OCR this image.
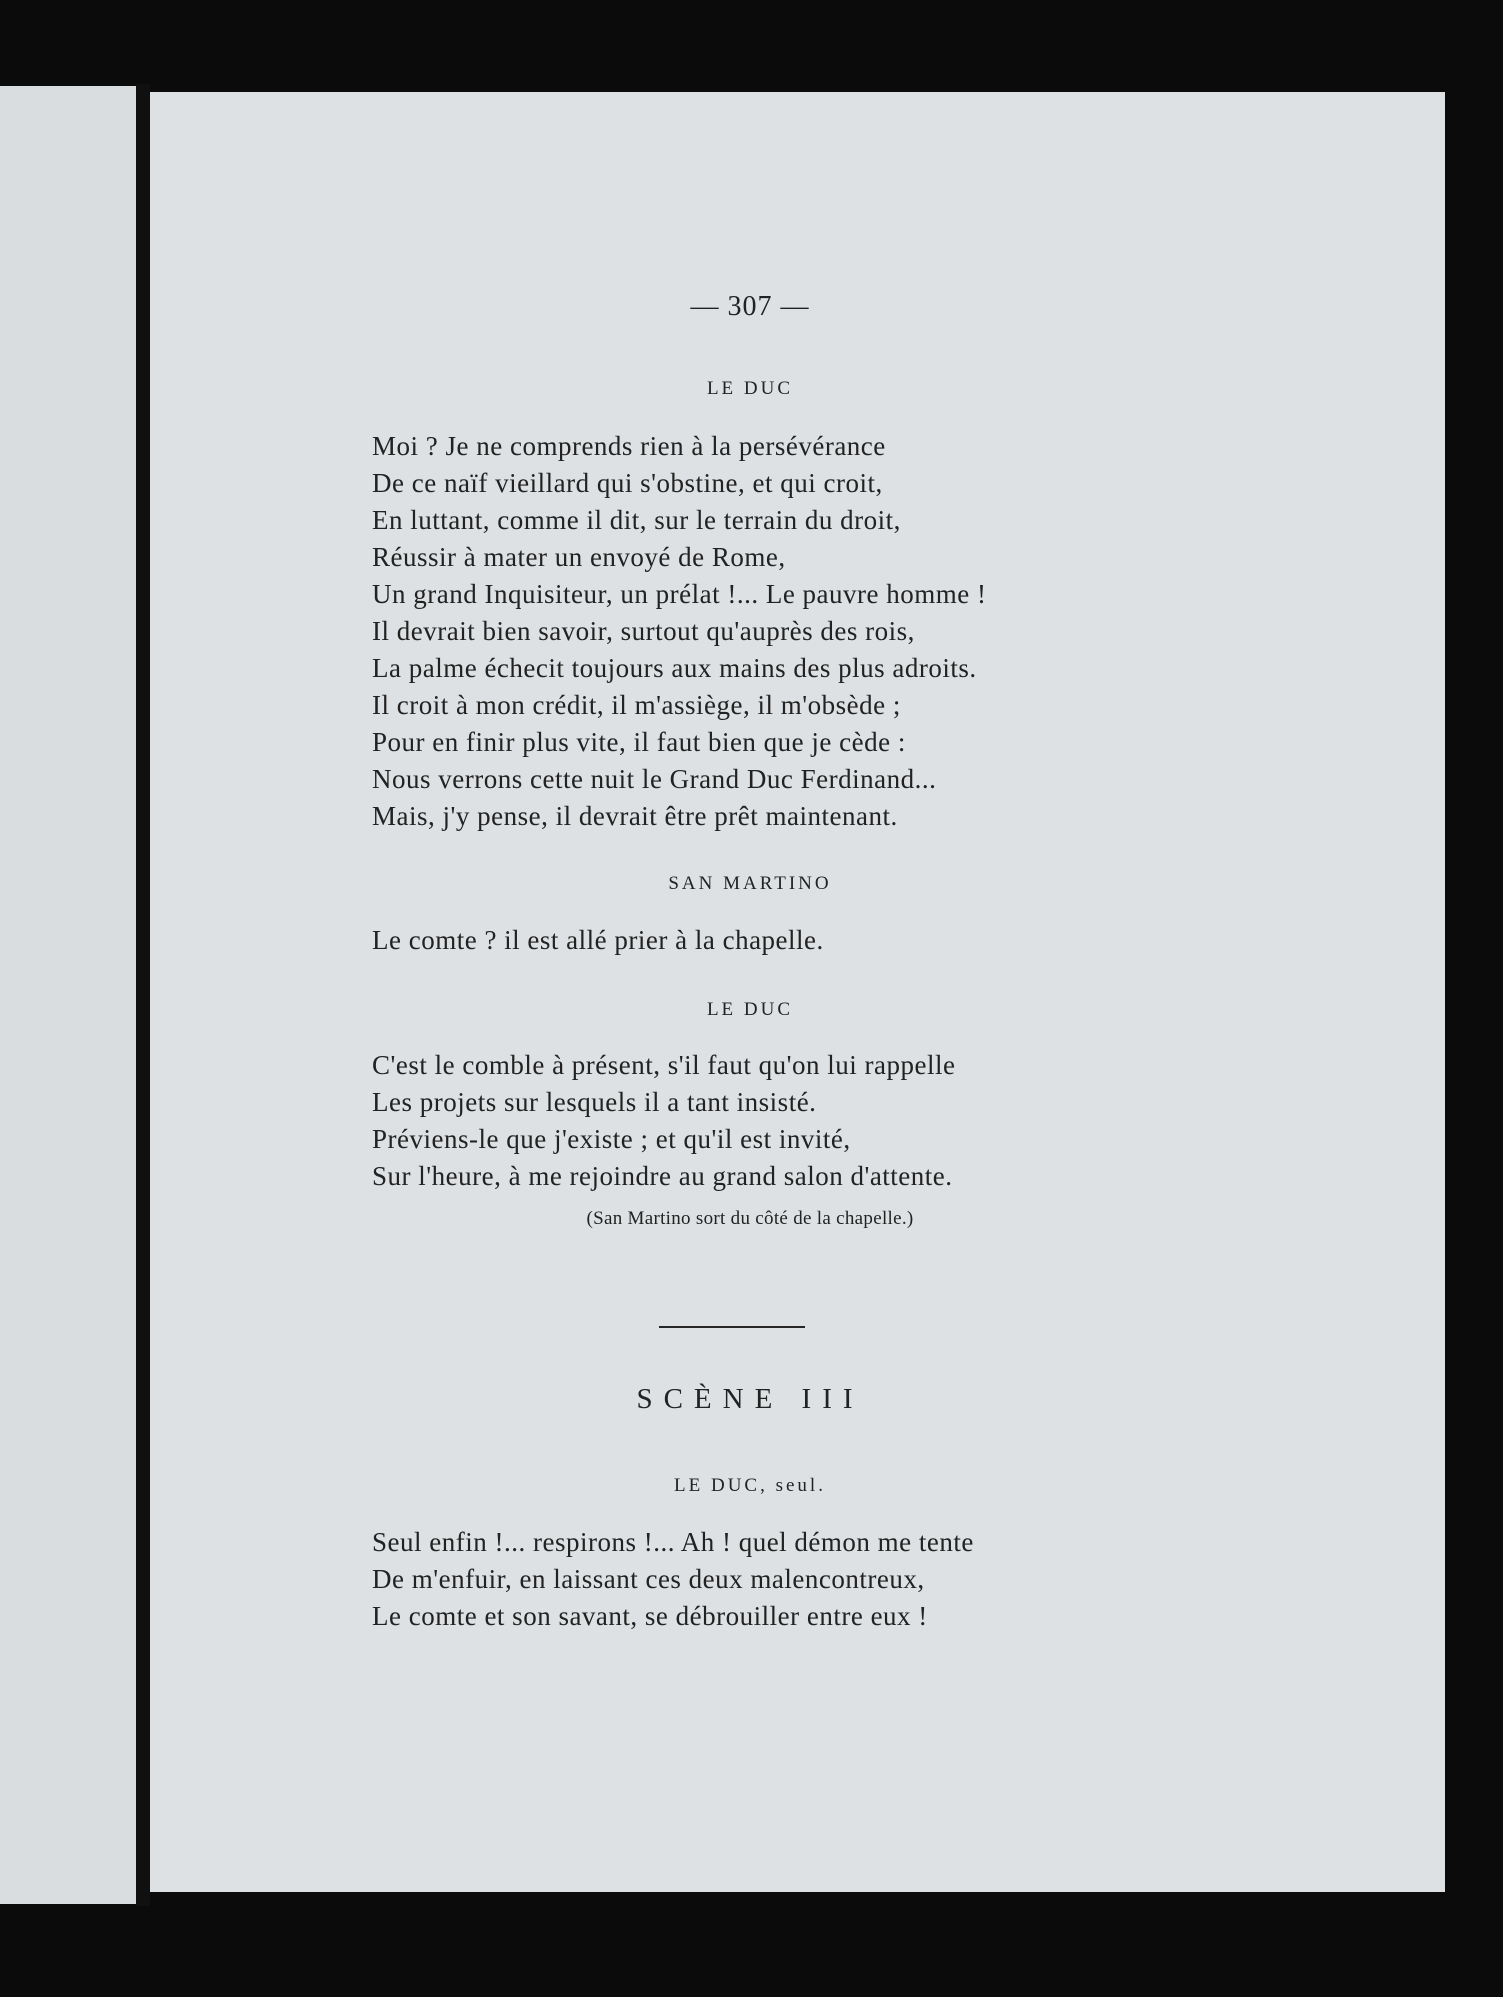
— 307 —
LE DUC
Moi ? Je ne comprends rien à la persévérance
De ce naïf vieillard qui s'obstine, et qui croit,
En luttant, comme il dit, sur le terrain du droit,
Réussir à mater un envoyé de Rome,
Un grand Inquisiteur, un prélat !... Le pauvre homme !
Il devrait bien savoir, surtout qu'auprès des rois,
La palme échecit toujours aux mains des plus adroits.
Il croit à mon crédit, il m'assiège, il m'obsède ;
Pour en finir plus vite, il faut bien que je cède :
Nous verrons cette nuit le Grand Duc Ferdinand...
Mais, j'y pense, il devrait être prêt maintenant.
SAN MARTINO
Le comte ? il est allé prier à la chapelle.
LE DUC
C'est le comble à présent, s'il faut qu'on lui rappelle
Les projets sur lesquels il a tant insisté.
Préviens-le que j'existe ; et qu'il est invité,
Sur l'heure, à me rejoindre au grand salon d'attente.
(San Martino sort du côté de la chapelle.)
SCÈNE III
LE DUC, seul.
Seul enfin !... respirons !... Ah ! quel démon me tente
De m'enfuir, en laissant ces deux malencontreux,
Le comte et son savant, se débrouiller entre eux !
